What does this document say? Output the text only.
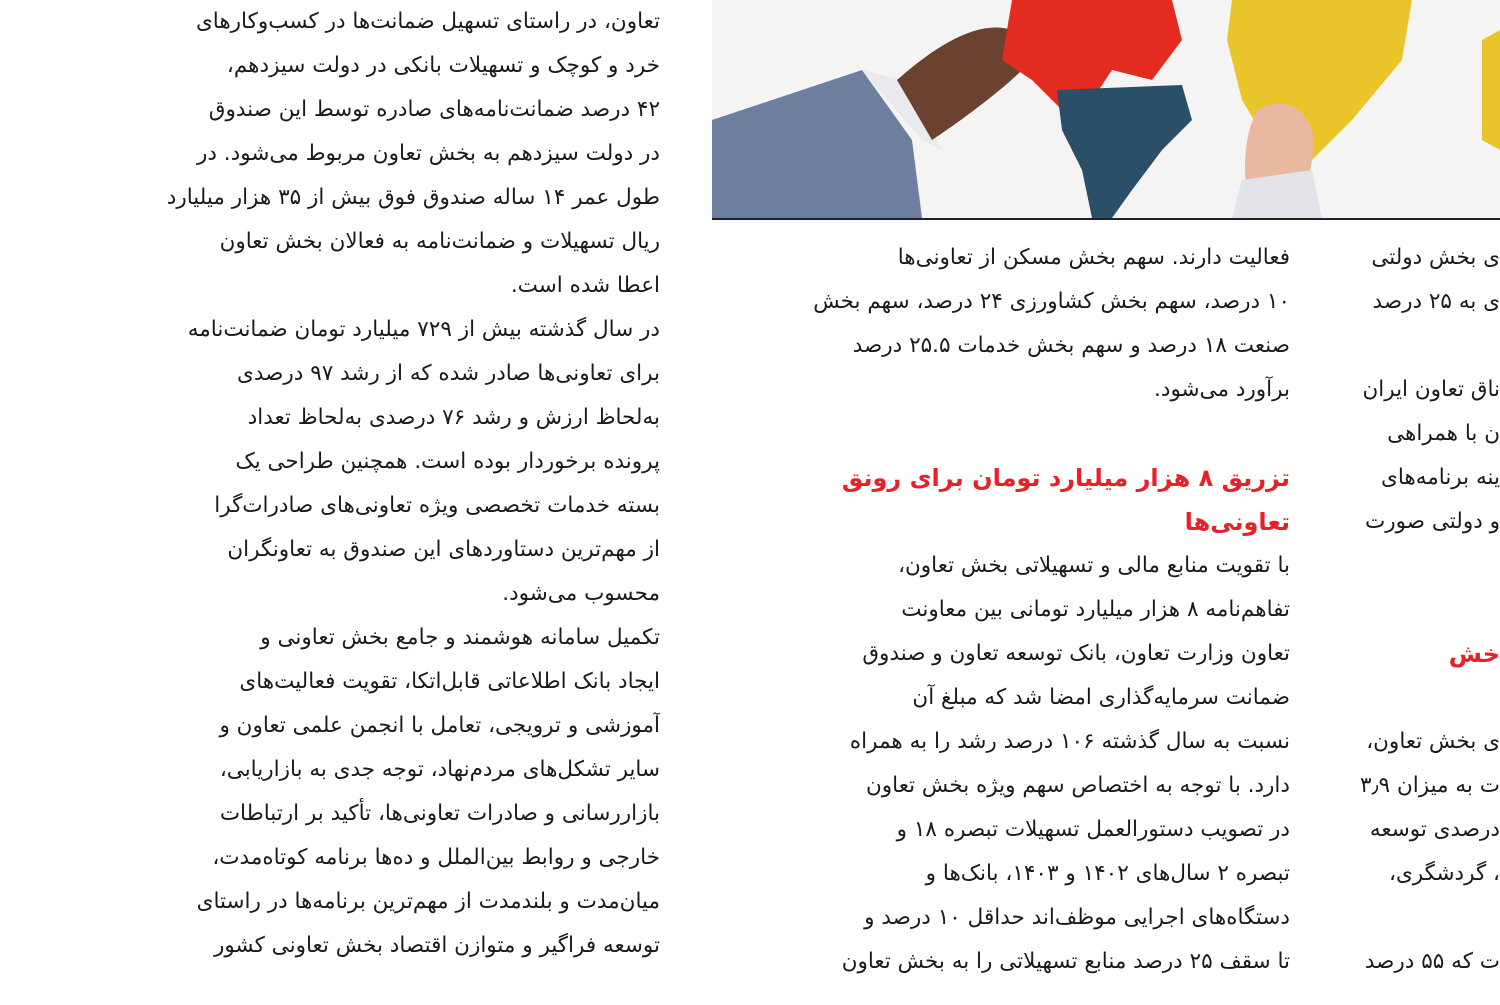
تعاون، در راستای تسهیل ضمانت‌ها در کسب‌و‌کارهای
خرد و کوچک و تسهیلات بانکی در دولت سیزدهم،
۴۲ درصد ضمانت‌نامه‌های صادره توسط این صندوق
در دولت سیزدهم به بخش تعاون مربوط می‌شود. در
طول عمر ۱۴ ساله صندوق فوق بیش از ۳۵ هزار میلیارد
ریال تسهیلات و ضمانت‌نامه به فعالان بخش تعاون
اعطا شده است.
در سال گذشته بیش از ۷۲۹ میلیارد تومان ضمانت‌نامه
برای تعاونی‌ها صادر شده که از رشد ۹۷ درصدی
به‌لحاظ ارزش و رشد ۷۶ درصدی به‌لحاظ تعداد
پرونده برخوردار بوده است. همچنین طراحی یک
بسته خدمات تخصصی ویژه تعاونی‌های صادرات‌گرا
از مهم‌ترین دستاوردهای این صندوق به تعاونگران
محسوب می‌شود.
تکمیل سامانه هوشمند و جامع بخش تعاونی و
ایجاد بانک اطلاعاتی قابل‌اتکا، تقویت فعالیت‌های
آموزشی و ترویجی، تعامل با انجمن علمی تعاون و
سایر تشکل‌های مردم‌نهاد، توجه جدی به بازاریابی،
بازاررسانی و صادرات تعاونی‌ها، تأکید بر ارتباطات
خارجی و روابط بین‌الملل و ده‌ها برنامه کوتاه‌مدت،
میان‌مدت و بلندمدت از مهم‌ترین برنامه‌ها در راستای
توسعه فراگیر و متوازن اقتصاد بخش تعاونی کشور
فعالیت دارند. سهم بخش مسکن از تعاونی‌ها
۱۰ درصد، سهم بخش کشاورزی ۲۴ درصد، سهم بخش
صنعت ۱۸ درصد و سهم بخش خدمات ۲۵.۵ درصد
برآورد می‌شود.
تزریق ۸ هزار میلیارد تومان برای رونق
تعاونی‌ها
با تقویت منابع مالی و تسهیلاتی بخش تعاون،
تفاهم‌نامه ۸ هزار میلیارد تومانی بین معاونت
تعاون وزارت تعاون، بانک توسعه تعاون و صندوق
ضمانت سرمایه‌گذاری امضا شد که مبلغ آن
نسبت به سال گذشته ۱۰۶ درصد رشد را به همراه
دارد. با توجه به اختصاص سهم ویژه بخش تعاون
در تصویب دستورالعمل تسهیلات تبصره ۱۸ و
تبصره ۲ سال‌های ۱۴۰۲ و ۱۴۰۳، بانک‌ها و
دستگاه‌های اجرایی موظف‌اند حداقل ۱۰ درصد و
تا سقف ۲۵ درصد منابع تسهیلاتی را به بخش تعاون
ی بخش دولتی
ی به ۲۵ درصد
ناق تعاون ایران
ن با همراهی
ینه برنامه‌های
و دولتی صورت
خش
ی بخش تعاون،
ت به میزان ۳٫۹
درصدی توسعه
، گردشگری،
ت که ۵۵ درصد
